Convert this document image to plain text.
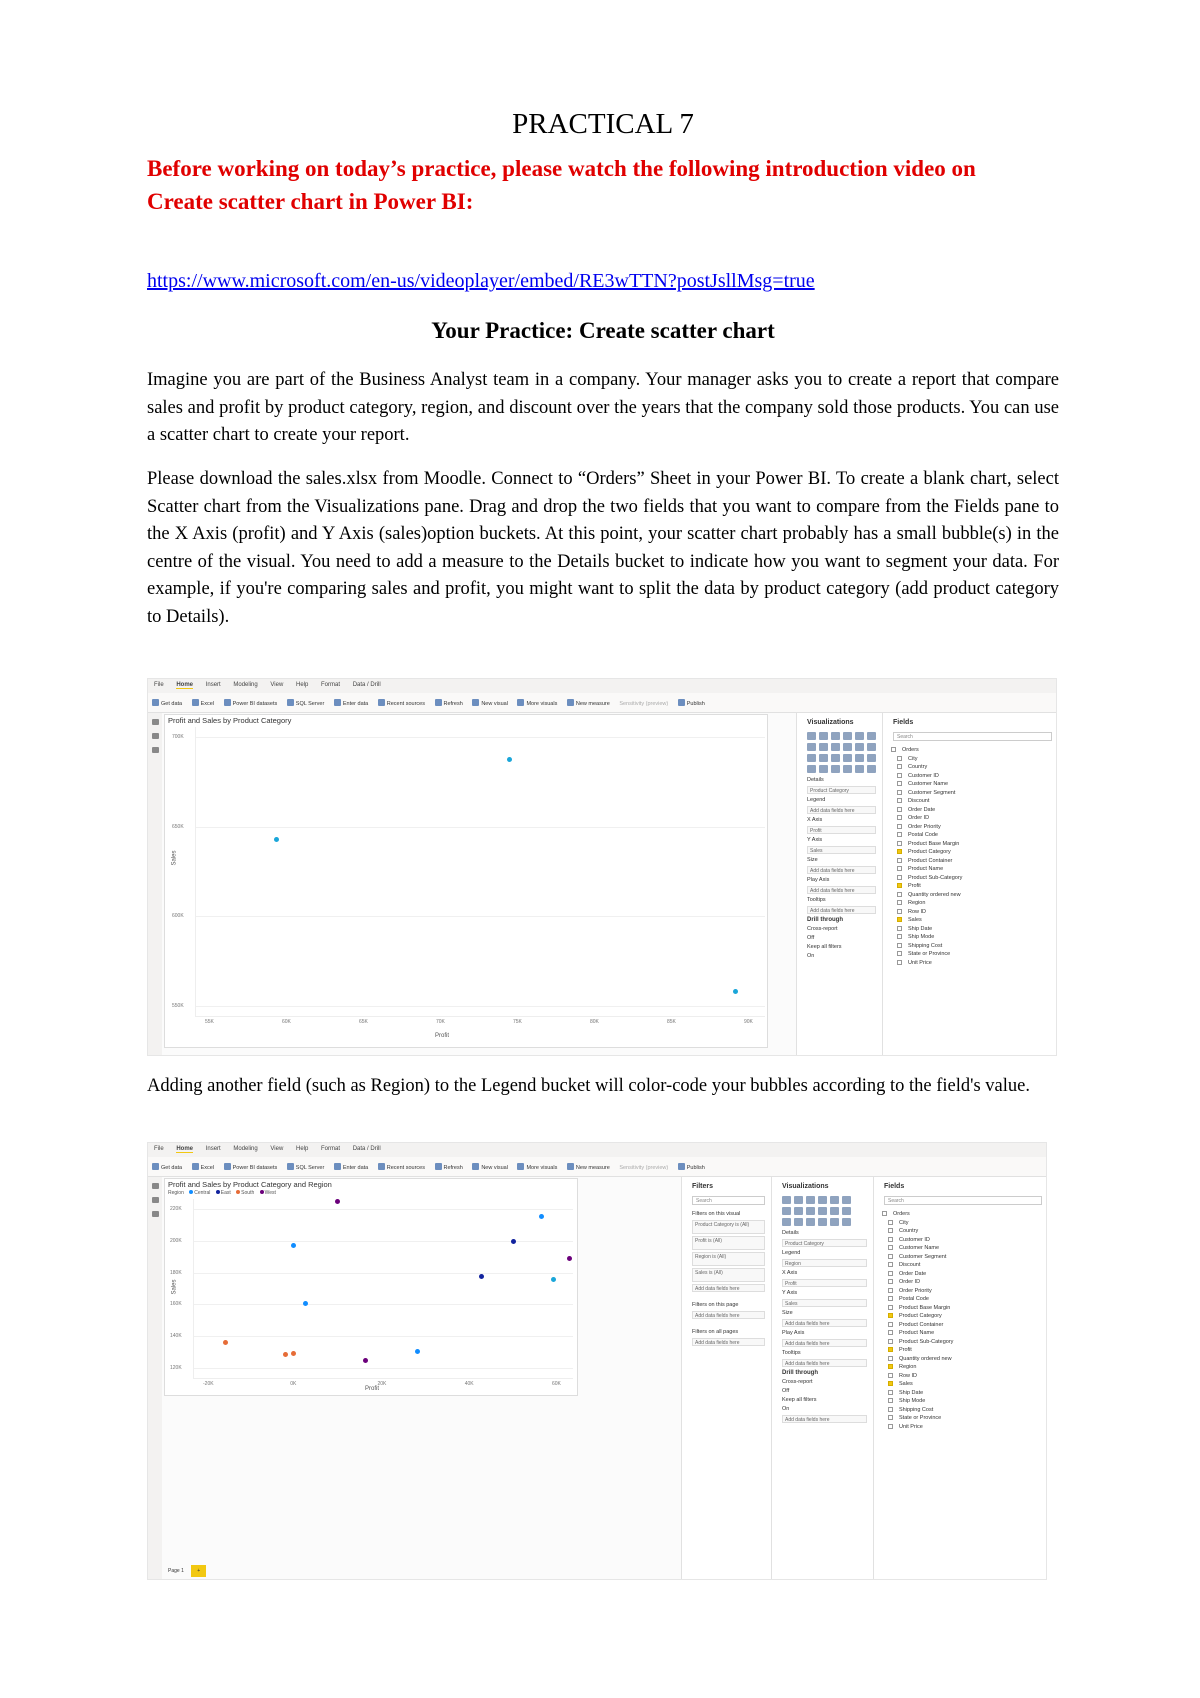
PRACTICAL 7
Before working on today’s practice, please watch the following introduction video on
Create scatter chart in Power BI:
https://www.microsoft.com/en-us/videoplayer/embed/RE3wTTN?postJsllMsg=true
Your Practice: Create scatter chart

Imagine you are part of the Business Analyst team in a company. Your manager asks you to create a report that compare sales and profit by product category, region, and discount over the years that the company sold those products. You can use a scatter chart to create your report.

Please download the sales.xlsx from Moodle. Connect to “Orders” Sheet in your Power BI. To create a blank chart, select Scatter chart from the Visualizations pane. Drag and drop the two fields that you want to compare from the Fields pane to the X Axis (profit) and Y Axis (sales)option buckets. At this point, your scatter chart probably has a small bubble(s) in the centre of the visual. You need to add a measure to the Details bucket to indicate how you want to segment your data. For example, if you're comparing sales and profit, you might want to split the data by product category (add product category to Details).

Adding another field (such as Region) to the Legend bucket will color-code your bubbles according to the field's value.

File Home Insert Modeling View Help Format Data / Drill
Get data	Excel	Power BI datasets	SQL Server	Enter data	Recent sources	Refresh	New visual	More visuals	New measure Sensitivity (preview)	Publish
Profit and Sales by Product Category
700K
650K
600K
550K
55K	60K	65K	70K	75K	80K	85K	90K
Profit
Sales
Visualizations
Details
Product Category
Legend
Add data fields here
X Axis
Profit
Y Axis
Sales
Size
Add data fields here
Play Axis
Add data fields here
Tooltips
Add data fields here
Drill through
Cross-report
Off
Keep all filters
On
Fields
Search
Orders
City
Country
Customer ID
Customer Name
Customer Segment
Discount
Order Date
Order ID
Order Priority
Postal Code
Product Base Margin
Product Category
Product Container
Product Name
Product Sub-Category
Profit
Quantity ordered new
Region
Row ID
Sales
Ship Date
Ship Mode
Shipping Cost
State or Province
Unit Price
File Home Insert Modeling View Help Format Data / Drill
Get data	Excel	Power BI datasets	SQL Server	Enter data	Recent sources	Refresh	New visual	More visuals	New measure Sensitivity (preview)	Publish
Profit and Sales by Product Category and Region
Region Central East South West
220K
200K
180K
160K
140K
120K
-20K	0K	20K	40K	60K
Profit
Sales
Page 1	+
Filters
Search
Filters on this visual
Product Category is (All)
Profit is (All)
Region is (All)
Sales is (All)
Add data fields here
Filters on this page
Add data fields here
Filters on all pages
Add data fields here
Visualizations
Details
Product Category
Legend
Region
X Axis
Profit
Y Axis
Sales
Size
Add data fields here
Play Axis
Add data fields here
Tooltips
Add data fields here
Drill through
Cross-report
Off
Keep all filters
On
Add data fields here
Fields
Search
Orders
City
Country
Customer ID
Customer Name
Customer Segment
Discount
Order Date
Order ID
Order Priority
Postal Code
Product Base Margin
Product Category
Product Container
Product Name
Product Sub-Category
Profit
Quantity ordered new
Region
Row ID
Sales
Ship Date
Ship Mode
Shipping Cost
State or Province
Unit Price
